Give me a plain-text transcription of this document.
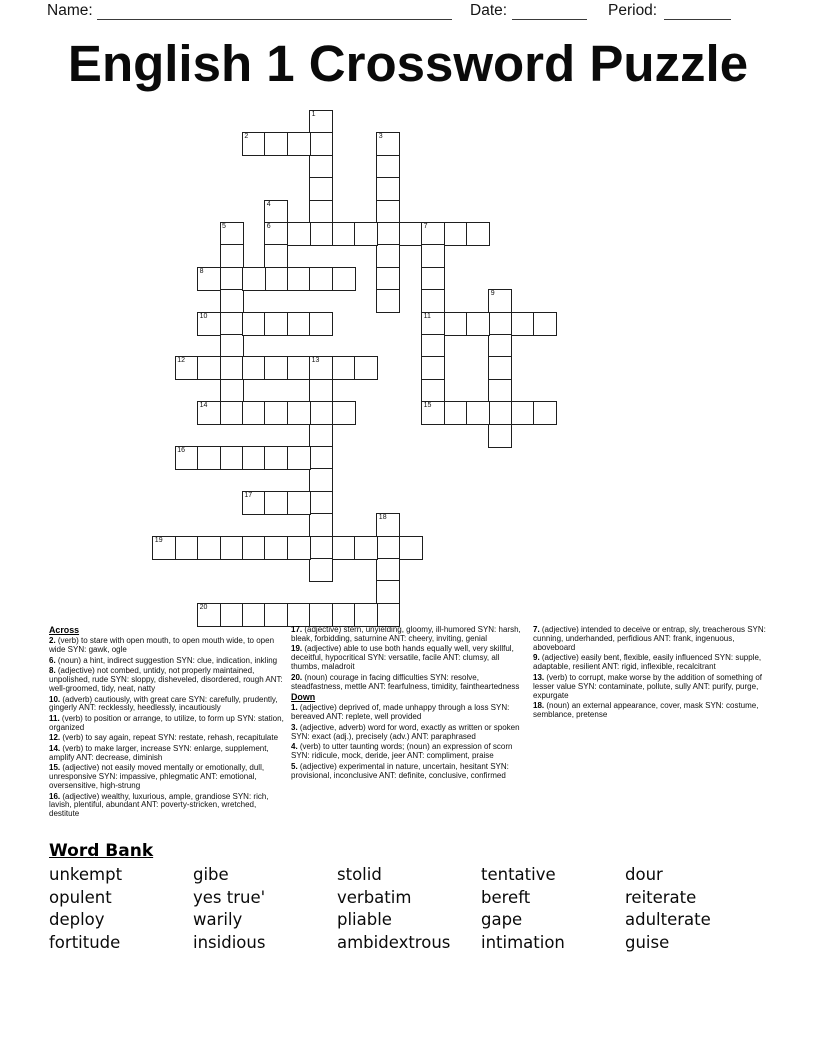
Name:	Date:	Period:
English 1 Crossword Puzzle
1
2	3
4
6
5	7
11
15
8
9
10
12	13
14
16
17
18
19
20
Across
2. (verb) to stare with open mouth, to open mouth wide, to open wide SYN: gawk, ogle
6. (noun) a hint, indirect suggestion SYN: clue, indication, inkling
8. (adjective) not combed, untidy, not properly maintained, unpolished, rude SYN: sloppy, disheveled, disordered, rough ANT: well-groomed, tidy, neat, natty
10. (adverb) cautiously, with great care SYN: carefully, prudently, gingerly ANT: recklessly, heedlessly, incautiously
11. (verb) to position or arrange, to utilize, to form up SYN: station, organized
12. (verb) to say again, repeat SYN: restate, rehash, recapitulate
14. (verb) to make larger, increase SYN: enlarge, supplement, amplify ANT: decrease, diminish
15. (adjective) not easily moved mentally or emotionally, dull, unresponsive SYN: impassive, phlegmatic ANT: emotional, oversensitive, high-strung
16. (adjective) wealthy, luxurious, ample, grandiose SYN: rich, lavish, plentiful, abundant ANT: poverty-stricken, wretched, destitute
17. (adjective) stern, unyielding, gloomy, ill-humored SYN: harsh, bleak, forbidding, saturnine ANT: cheery, inviting, genial
19. (adjective) able to use both hands equally well, very skillful, deceitful, hypocritical SYN: versatile, facile ANT: clumsy, all thumbs, maladroit
20. (noun) courage in facing difficulties SYN: resolve, steadfastness, mettle ANT: fearfulness, timidity, faintheartedness
Down
1. (adjective) deprived of, made unhappy through a loss SYN: bereaved ANT: replete, well provided
3. (adjective, adverb) word for word, exactly as written or spoken SYN: exact (adj.), precisely (adv.) ANT: paraphrased
4. (verb) to utter taunting words; (noun) an expression of scorn SYN: ridicule, mock, deride, jeer ANT: compliment, praise
5. (adjective) experimental in nature, uncertain, hesitant SYN: provisional, inconclusive ANT: definite, conclusive, confirmed
7. (adjective) intended to deceive or entrap, sly, treacherous SYN: cunning, underhanded, perfidious ANT: frank, ingenuous, aboveboard
9. (adjective) easily bent, flexible, easily influenced SYN: supple, adaptable, resilient ANT: rigid, inflexible, recalcitrant
13. (verb) to corrupt, make worse by the addition of something of lesser value SYN: contaminate, pollute, sully ANT: purify, purge, expurgate
18. (noun) an external appearance, cover, mask SYN: costume, semblance, pretense
Word Bank
unkempt	gibe	stolid	tentative	dour
opulent	yes true'	verbatim	bereft	reiterate
deploy	warily	pliable	gape	adulterate
fortitude	insidious	ambidextrous	intimation	guise
